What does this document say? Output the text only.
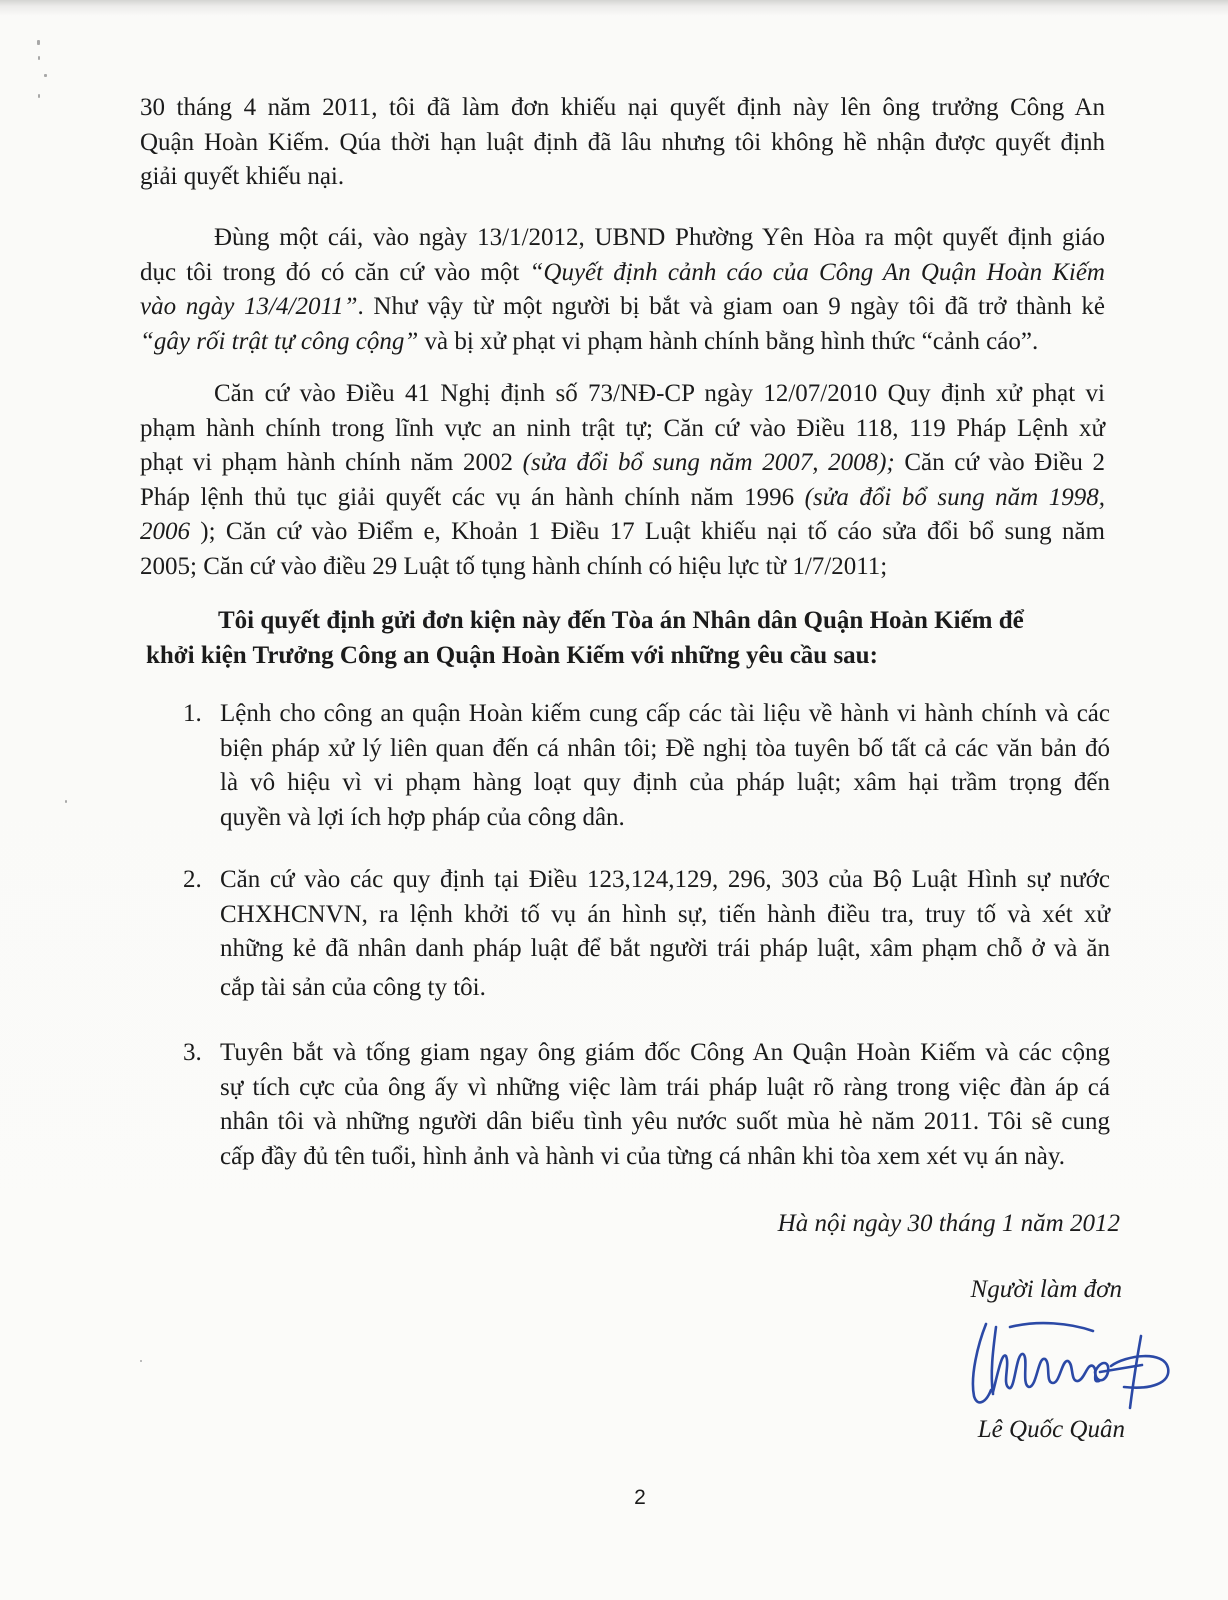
30 tháng 4 năm 2011, tôi đã làm đơn khiếu nại quyết định này lên ông trưởng Công An
Quận Hoàn Kiếm. Qúa thời hạn luật định đã lâu nhưng tôi không hề nhận được quyết định
giải quyết khiếu nại.
Đùng một cái, vào ngày 13/1/2012, UBND Phường Yên Hòa ra một quyết định giáo
dục tôi trong đó có căn cứ vào một “Quyết định cảnh cáo của Công An Quận Hoàn Kiếm
vào ngày 13/4/2011”. Như vậy từ một người bị bắt và giam oan 9 ngày tôi đã trở thành kẻ
“gây rối trật tự công cộng” và bị xử phạt vi phạm hành chính bằng hình thức “cảnh cáo”.
Căn cứ vào Điều 41 Nghị định số 73/NĐ-CP ngày 12/07/2010 Quy định xử phạt vi
phạm hành chính trong lĩnh vực an ninh trật tự; Căn cứ vào Điều 118, 119 Pháp Lệnh xử
phạt vi phạm hành chính năm 2002 (sửa đổi bổ sung năm 2007, 2008); Căn cứ vào Điều 2
Pháp lệnh thủ tục giải quyết các vụ án hành chính năm 1996 (sửa đổi bổ sung năm 1998,
2006 ); Căn cứ vào Điểm e, Khoản 1 Điều 17 Luật khiếu nại tố cáo sửa đổi bổ sung năm
2005; Căn cứ vào điều 29 Luật tố tụng hành chính có hiệu lực từ 1/7/2011;
Tôi quyết định gửi đơn kiện này đến Tòa án Nhân dân Quận Hoàn Kiếm để
khởi kiện Trưởng Công an Quận Hoàn Kiếm với những yêu cầu sau:
1. Lệnh cho công an quận Hoàn kiếm cung cấp các tài liệu về hành vi hành chính và các
biện pháp xử lý liên quan đến cá nhân tôi; Đề nghị tòa tuyên bố tất cả các văn bản đó
là vô hiệu vì vi phạm hàng loạt quy định của pháp luật; xâm hại trầm trọng đến
quyền và lợi ích hợp pháp của công dân.
2. Căn cứ vào các quy định tại Điều 123,124,129, 296, 303 của Bộ Luật Hình sự nước
CHXHCNVN, ra lệnh khởi tố vụ án hình sự, tiến hành điều tra, truy tố và xét xử
những kẻ đã nhân danh pháp luật để bắt người trái pháp luật, xâm phạm chỗ ở và ăn
cắp tài sản của công ty tôi.
3. Tuyên bắt và tống giam ngay ông giám đốc Công An Quận Hoàn Kiếm và các cộng
sự tích cực của ông ấy vì những việc làm trái pháp luật rõ ràng trong việc đàn áp cá
nhân tôi và những người dân biểu tình yêu nước suốt mùa hè năm 2011. Tôi sẽ cung
cấp đầy đủ tên tuổi, hình ảnh và hành vi của từng cá nhân khi tòa xem xét vụ án này.
Hà nội ngày 30 tháng 1 năm 2012
Người làm đơn
Lê Quốc Quân
2
